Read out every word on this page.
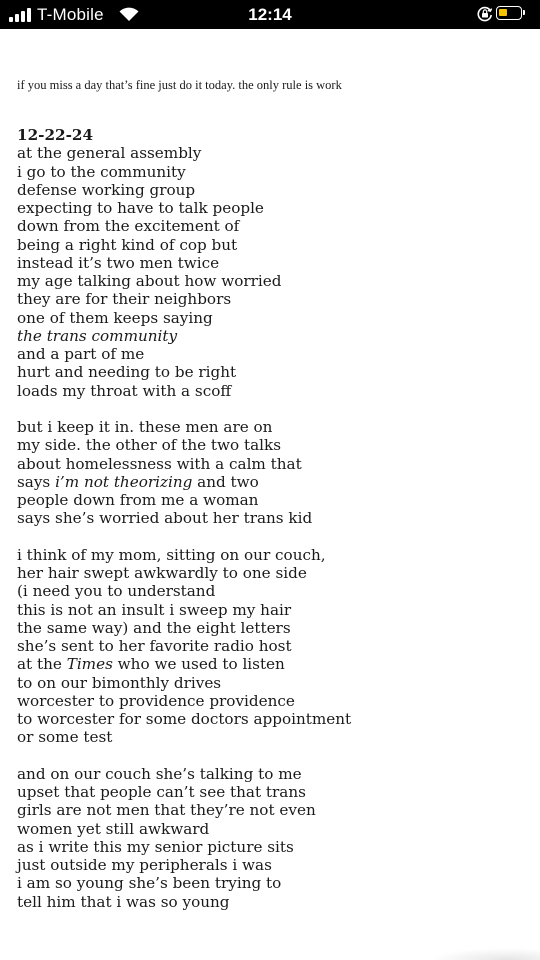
T-Mobile	12:14
if you miss a day that’s fine just do it today. the only rule is work
12-22-24
at the general assembly
i go to the community
defense working group
expecting to have to talk people
down from the excitement of
being a right kind of cop but
instead it’s two men twice
my age talking about how worried
they are for their neighbors
one of them keeps saying
the trans community
and a part of me
hurt and needing to be right
loads my throat with a scoff
but i keep it in. these men are on
my side. the other of the two talks
about homelessness with a calm that
says i’m not theorizing and two
people down from me a woman
says she’s worried about her trans kid
i think of my mom, sitting on our couch,
her hair swept awkwardly to one side
(i need you to understand
this is not an insult i sweep my hair
the same way) and the eight letters
she’s sent to her favorite radio host
at the Times who we used to listen
to on our bimonthly drives
worcester to providence providence
to worcester for some doctors appointment
or some test
and on our couch she’s talking to me
upset that people can’t see that trans
girls are not men that they’re not even
women yet still awkward
as i write this my senior picture sits
just outside my peripherals i was
i am so young she’s been trying to
tell him that i was so young
